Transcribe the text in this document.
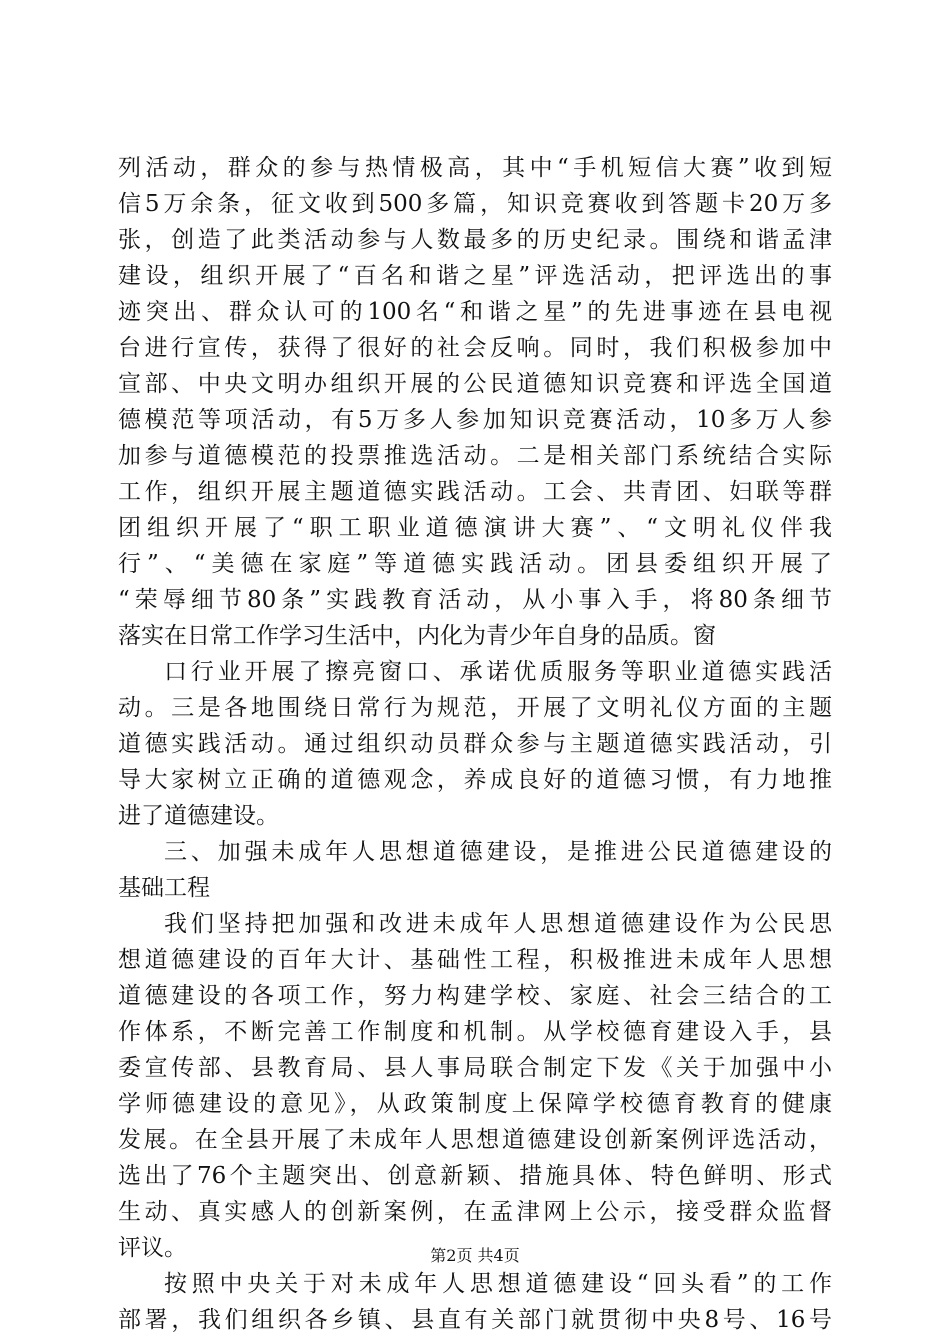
列活动，群众的参与热情极高，其中“手机短信大赛”收到短
信5万余条，征文收到500多篇，知识竞赛收到答题卡20万多
张，创造了此类活动参与人数最多的历史纪录。围绕和谐孟津
建设，组织开展了“百名和谐之星”评选活动，把评选出的事
迹突出、群众认可的100名“和谐之星”的先进事迹在县电视
台进行宣传，获得了很好的社会反响。同时，我们积极参加中
宣部、中央文明办组织开展的公民道德知识竞赛和评选全国道
德模范等项活动，有5万多人参加知识竞赛活动，10多万人参
加参与道德模范的投票推选活动。二是相关部门系统结合实际
工作，组织开展主题道德实践活动。工会、共青团、妇联等群
团组织开展了“职工职业道德演讲大赛”、“文明礼仪伴我
行”、“美德在家庭”等道德实践活动。团县委组织开展了
“荣辱细节80条”实践教育活动，从小事入手，将80条细节
落实在日常工作学习生活中，内化为青少年自身的品质。窗
口行业开展了擦亮窗口、承诺优质服务等职业道德实践活
动。三是各地围绕日常行为规范，开展了文明礼仪方面的主题
道德实践活动。通过组织动员群众参与主题道德实践活动，引
导大家树立正确的道德观念，养成良好的道德习惯，有力地推
进了道德建设。
三、加强未成年人思想道德建设，是推进公民道德建设的
基础工程
我们坚持把加强和改进未成年人思想道德建设作为公民思
想道德建设的百年大计、基础性工程，积极推进未成年人思想
道德建设的各项工作，努力构建学校、家庭、社会三结合的工
作体系，不断完善工作制度和机制。从学校德育建设入手，县
委宣传部、县教育局、县人事局联合制定下发《关于加强中小
学师德建设的意见》，从政策制度上保障学校德育教育的健康
发展。在全县开展了未成年人思想道德建设创新案例评选活动，
选出了76个主题突出、创意新颖、措施具体、特色鲜明、形式
生动、真实感人的创新案例，在孟津网上公示，接受群众监督
评议。
按照中央关于对未成年人思想道德建设“回头看”的工作
部署，我们组织各乡镇、县直有关部门就贯彻中央8号、16号
第2页 共4页
